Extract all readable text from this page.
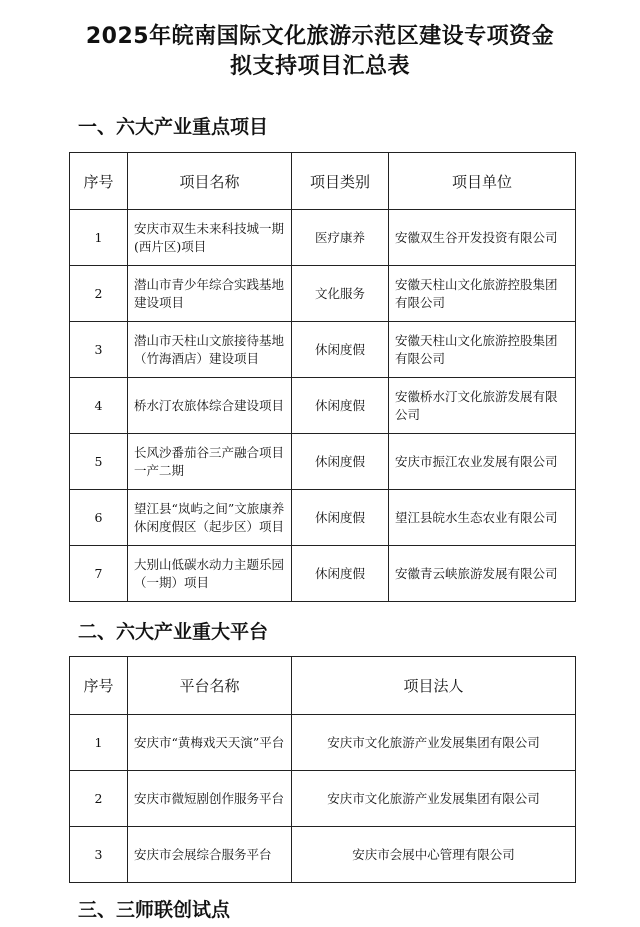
2025年皖南国际文化旅游示范区建设专项资金
拟支持项目汇总表
一、六大产业重点项目
序号	项目名称	项目类别	项目单位
1	安庆市双生未来科技城一期(西片区)项目	医疗康养	安徽双生谷开发投资有限公司
2	潜山市青少年综合实践基地建设项目	文化服务	安徽天柱山文化旅游控股集团有限公司
3	潜山市天柱山文旅接待基地（竹海酒店）建设项目	休闲度假	安徽天柱山文化旅游控股集团有限公司
4	桥水汀农旅体综合建设项目	休闲度假	安徽桥水汀文化旅游发展有限公司
5	长风沙番茄谷三产融合项目一产二期	休闲度假	安庆市振江农业发展有限公司
6	望江县“岚屿之间”文旅康养休闲度假区（起步区）项目	休闲度假	望江县皖水生态农业有限公司
7	大别山低碳水动力主题乐园（一期）项目	休闲度假	安徽青云峡旅游发展有限公司
二、六大产业重大平台
序号	平台名称	项目法人
1	安庆市“黄梅戏天天演”平台	安庆市文化旅游产业发展集团有限公司
2	安庆市微短剧创作服务平台	安庆市文化旅游产业发展集团有限公司
3	安庆市会展综合服务平台	安庆市会展中心管理有限公司
三、三师联创试点
